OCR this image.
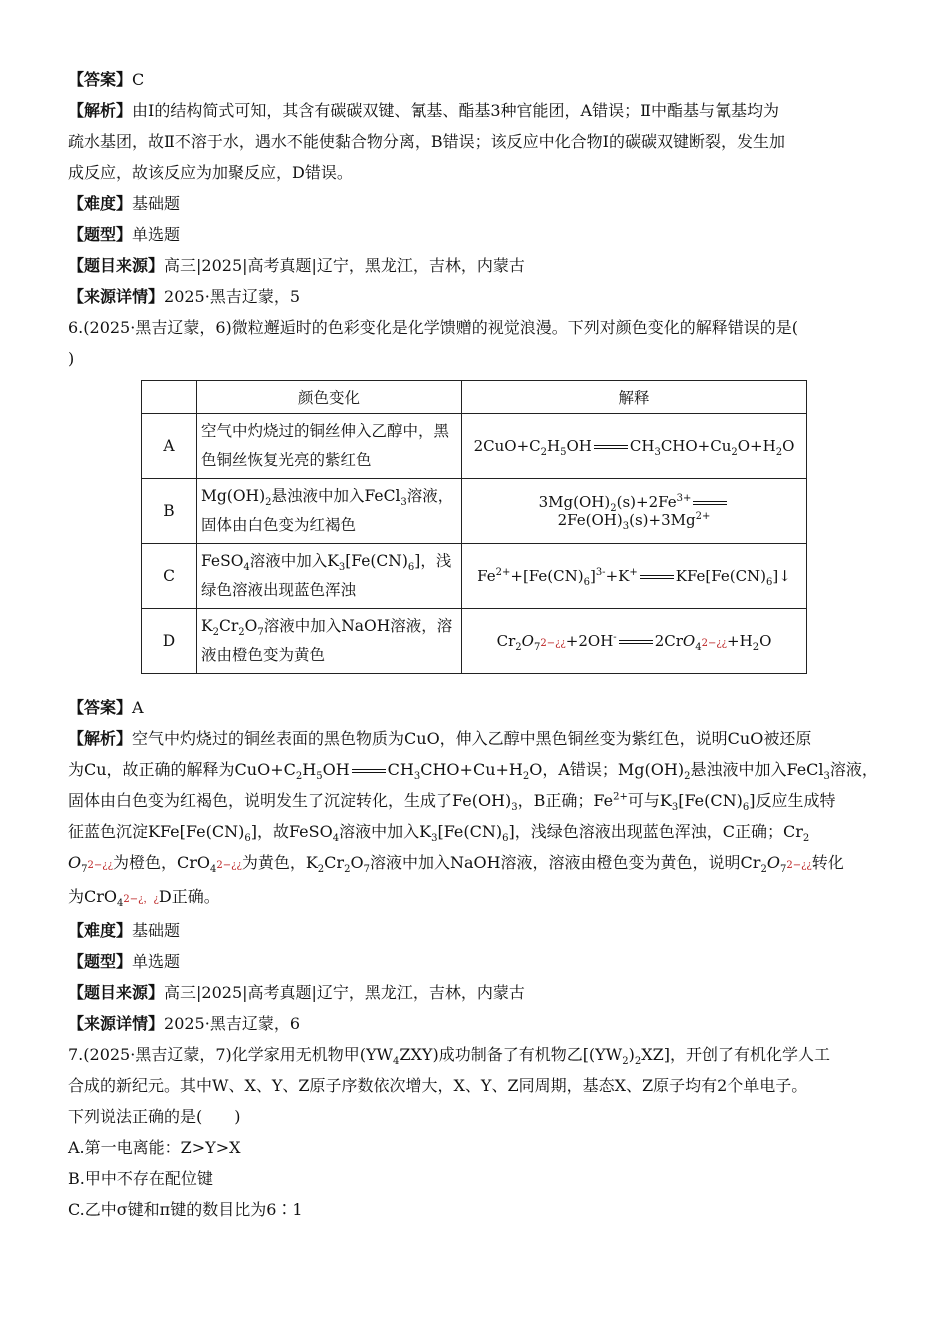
【答案】C
【解析】由Ⅰ的结构简式可知，其含有碳碳双键、氰基、酯基3种官能团，A错误；Ⅱ中酯基与氰基均为
疏水基团，故Ⅱ不溶于水，遇水不能使黏合物分离，B错误；该反应中化合物Ⅰ的碳碳双键断裂，发生加
成反应，故该反应为加聚反应，D错误。
【难度】基础题
【题型】单选题
【题目来源】高三|2025|高考真题|辽宁，黑龙江，吉林，内蒙古
【来源详情】2025·黑吉辽蒙，5
6.(2025·黑吉辽蒙，6)微粒邂逅时的色彩变化是化学馈赠的视觉浪漫。下列对颜色变化的解释错误的是(
)
	颜色变化	解释
A	空气中灼烧过的铜丝伸入乙醇中，黑色铜丝恢复光亮的紫红色	$2CuO+C_2H_5OH$ $CH_3CHO+Cu_2O+H_2O$
B	$Mg(OH)_2$悬浊液中加入FeCl$_3$溶液，固体由白色变为红褐色	$3Mg(OH)_2(s)+2Fe^{3+}2Fe(OH)_3(s)+3Mg^{2+}$
C	FeSO$_4$溶液中加入$K_3[Fe(CN)_6]$，浅绿色溶液出现蓝色浑浊	$Fe^{2+}+[Fe(CN)_6]^{3-}+K^+$ $KFe[Fe(CN)_6]↓$
D	$K_2Cr_2O_7$溶液中加入NaOH溶液，溶液由橙色变为黄色	$Cr_2O_72-¿¿+2OH^-$ $2CrO_42-¿¿+H_2O$
【答案】A
【解析】空气中灼烧过的铜丝表面的黑色物质为CuO，伸入乙醇中黑色铜丝变为紫红色，说明CuO被还原
为Cu，故正确的解释为$CuO+C_2H_5OH$ $CH_3CHO+Cu+H_2O$，A错误；$Mg(OH)_2$悬浊液中加入FeCl$_3$溶液，
固体由白色变为红褐色，说明发生了沉淀转化，生成了$Fe(OH)_3$，B正确；$Fe^{2+}$可与$K_3[Fe(CN)_6]$反应生成特
征蓝色沉淀$KFe[Fe(CN)_6]$，故FeSO$_4$溶液中加入$K_3[Fe(CN)_6]$，浅绿色溶液出现蓝色浑浊，C正确；$Cr_2$
$O_72-¿¿$为橙色，CrO$_4$2−¿¿为黄色，$K_2Cr_2O_7$溶液中加入NaOH溶液，溶液由橙色变为黄色，说明$Cr_2O_72-¿¿$转化
为CrO$_4$2−¿，¿D正确。
【难度】基础题
【题型】单选题
【题目来源】高三|2025|高考真题|辽宁，黑龙江，吉林，内蒙古
【来源详情】2025·黑吉辽蒙，6
7.(2025·黑吉辽蒙，7)化学家用无机物甲$(YW_4ZXY)$成功制备了有机物乙$[(YW_2)_2XZ]$，开创了有机化学人工
合成的新纪元。其中W、X、Y、Z原子序数依次增大，X、Y、Z同周期，基态X、Z原子均有2个单电子。
下列说法正确的是(　　)
A.第一电离能：Z>Y>X
B.甲中不存在配位键
C.乙中σ键和π键的数目比为6∶1
